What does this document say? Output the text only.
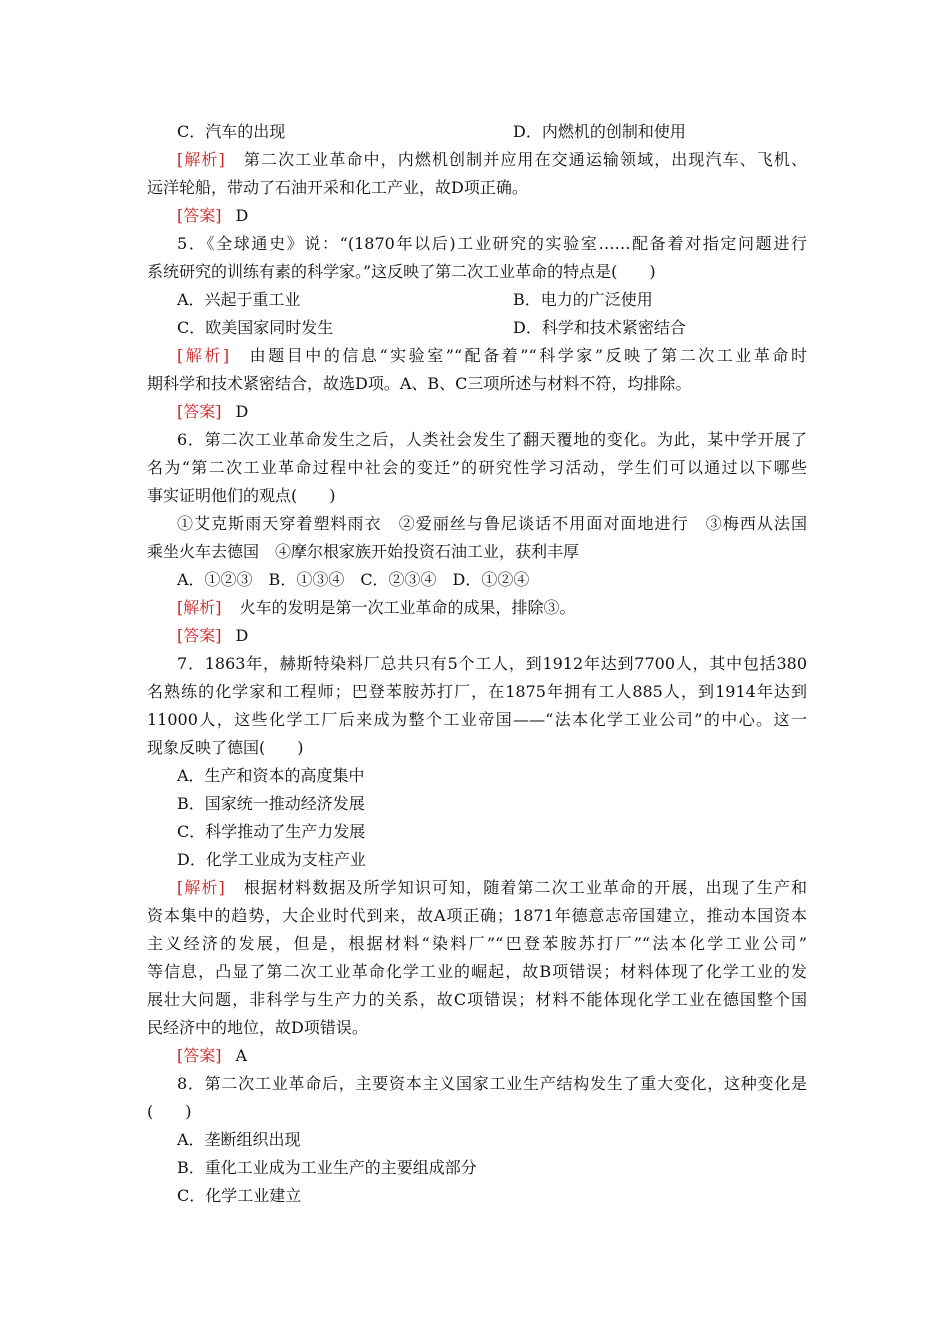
C．汽车的出现	D．内燃机的创制和使用
[解析] 第二次工业革命中，内燃机创制并应用在交通运输领域，出现汽车、飞机、
远洋轮船，带动了石油开采和化工产业，故D项正确。
[答案] D
5．《全球通史》说：“(1870年以后)工业研究的实验室……配备着对指定问题进行
系统研究的训练有素的科学家。”这反映了第二次工业革命的特点是(　　)
A．兴起于重工业	B．电力的广泛使用
C．欧美国家同时发生	D．科学和技术紧密结合
[解析] 由题目中的信息“实验室”“配备着”“科学家”反映了第二次工业革命时
期科学和技术紧密结合，故选D项。A、B、C三项所述与材料不符，均排除。
[答案] D
6．第二次工业革命发生之后，人类社会发生了翻天覆地的变化。为此，某中学开展了
名为“第二次工业革命过程中社会的变迁”的研究性学习活动，学生们可以通过以下哪些
事实证明他们的观点(　　)
①艾克斯雨天穿着塑料雨衣　②爱丽丝与鲁尼谈话不用面对面地进行　③梅西从法国
乘坐火车去德国　④摩尔根家族开始投资石油工业，获利丰厚
A．①②③　B．①③④　C．②③④　D．①②④
[解析] 火车的发明是第一次工业革命的成果，排除③。
[答案] D
7．1863年，赫斯特染料厂总共只有5个工人，到1912年达到7700人，其中包括380
名熟练的化学家和工程师；巴登苯胺苏打厂，在1875年拥有工人885人，到1914年达到
11000人，这些化学工厂后来成为整个工业帝国——“法本化学工业公司”的中心。这一
现象反映了德国(　　)
A．生产和资本的高度集中
B．国家统一推动经济发展
C．科学推动了生产力发展
D．化学工业成为支柱产业
[解析] 根据材料数据及所学知识可知，随着第二次工业革命的开展，出现了生产和
资本集中的趋势，大企业时代到来，故A项正确；1871年德意志帝国建立，推动本国资本
主义经济的发展，但是，根据材料“染料厂”“巴登苯胺苏打厂”“法本化学工业公司”
等信息，凸显了第二次工业革命化学工业的崛起，故B项错误；材料体现了化学工业的发
展壮大问题，非科学与生产力的关系，故C项错误；材料不能体现化学工业在德国整个国
民经济中的地位，故D项错误。
[答案] A
8．第二次工业革命后，主要资本主义国家工业生产结构发生了重大变化，这种变化是
(　　)
A．垄断组织出现
B．重化工业成为工业生产的主要组成部分
C．化学工业建立
